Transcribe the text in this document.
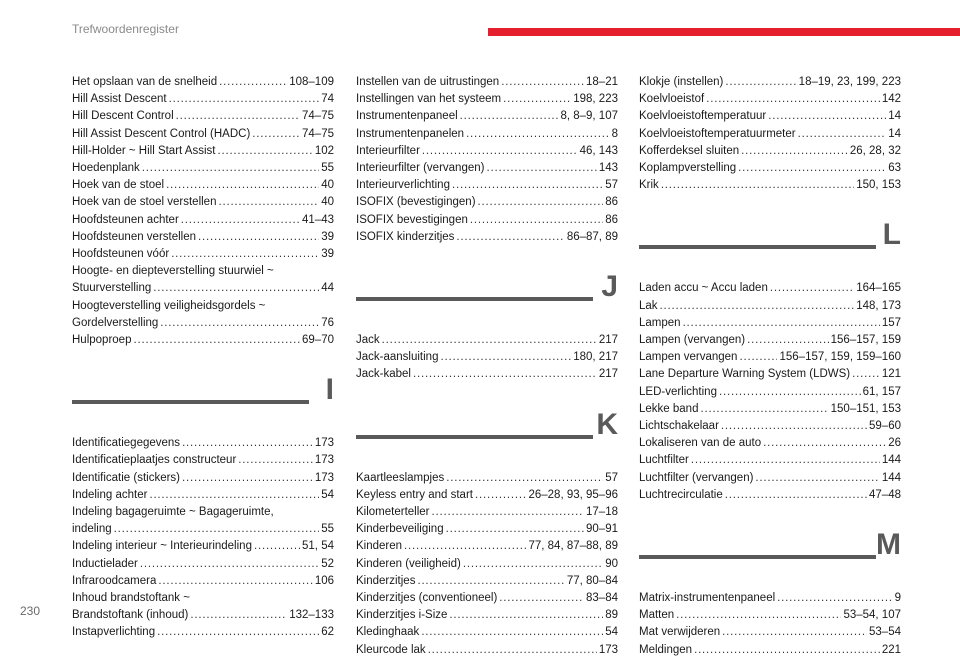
Trefwoordenregister
Het opslaan van de snelheid . . .	108–109
Hill Assist Descent . . .	74
Hill Descent Control . . .	74–75
Hill Assist Descent Control (HADC) . . .	74–75
Hill-Holder ~ Hill Start Assist . . .	102
Hoedenplank . . .	55
Hoek van de stoel . . .	40
Hoek van de stoel verstellen . . .	40
Hoofdsteunen achter . . .	41–43
Hoofdsteunen verstellen . . .	39
Hoofdsteunen vóór . . .	39
Hoogte- en diepteverstelling stuurwiel ~
Stuurverstelling . . .	44
Hoogteverstelling veiligheidsgordels ~
Gordelverstelling . . .	76
Hulpoproep . . .	69–70
I
Identificatiegegevens . . .	173
Identificatieplaatjes constructeur . . .	173
Identificatie (stickers) . . .	173
Indeling achter . . .	54
Indeling bagageruimte ~ Bagageruimte,
indeling . . .	55
Indeling interieur ~ Interieurindeling . . .	51, 54
Inductielader . . .	52
Infraroodcamera . . .	106
Inhoud brandstoftank ~
Brandstoftank (inhoud) . . .	132–133
Instapverlichting . . .	62
Instellen van de uitrustingen . . .	18–21
Instellingen van het systeem . . .	198, 223
Instrumentenpaneel . . .	8, 8–9, 107
Instrumentenpanelen . . .	8
Interieurfilter . . .	46, 143
Interieurfilter (vervangen) . . .	143
Interieurverlichting . . .	57
ISOFIX (bevestigingen) . . .	86
ISOFIX bevestigingen . . .	86
ISOFIX kinderzitjes . . .	86–87, 89
J
Jack . . .	217
Jack-aansluiting . . .	180, 217
Jack-kabel . . .	217
K
Kaartleeslampjes . . .	57
Keyless entry and start . . .	26–28, 93, 95–96
Kilometerteller . . .	17–18
Kinderbeveiliging . . .	90–91
Kinderen . . .	77, 84, 87–88, 89
Kinderen (veiligheid) . . .	90
Kinderzitjes . . .	77, 80–84
Kinderzitjes (conventioneel) . . .	83–84
Kinderzitjes i-Size . . .	89
Kledinghaak . . .	54
Kleurcode lak . . .	173
Klokje (instellen) . . .	18–19, 23, 199, 223
Koelvloeistof . . .	142
Koelvloeistoftemperatuur . . .	14
Koelvloeistoftemperatuurmeter . . .	14
Kofferdeksel sluiten . . .	26, 28, 32
Koplampverstelling . . .	63
Krik . . .	150, 153
L
Laden accu ~ Accu laden . . .	164–165
Lak . . .	148, 173
Lampen . . .	157
Lampen (vervangen) . . .	156–157, 159
Lampen vervangen . . .	156–157, 159, 159–160
Lane Departure Warning System (LDWS) . . .	121
LED-verlichting . . .	61, 157
Lekke band . . .	150–151, 153
Lichtschakelaar . . .	59–60
Lokaliseren van de auto . . .	26
Luchtfilter . . .	144
Luchtfilter (vervangen) . . .	144
Luchtrecirculatie . . .	47–48
M
Matrix-instrumentenpaneel . . .	9
Matten . . .	53–54, 107
Mat verwijderen . . .	53–54
Meldingen . . .	221
230
